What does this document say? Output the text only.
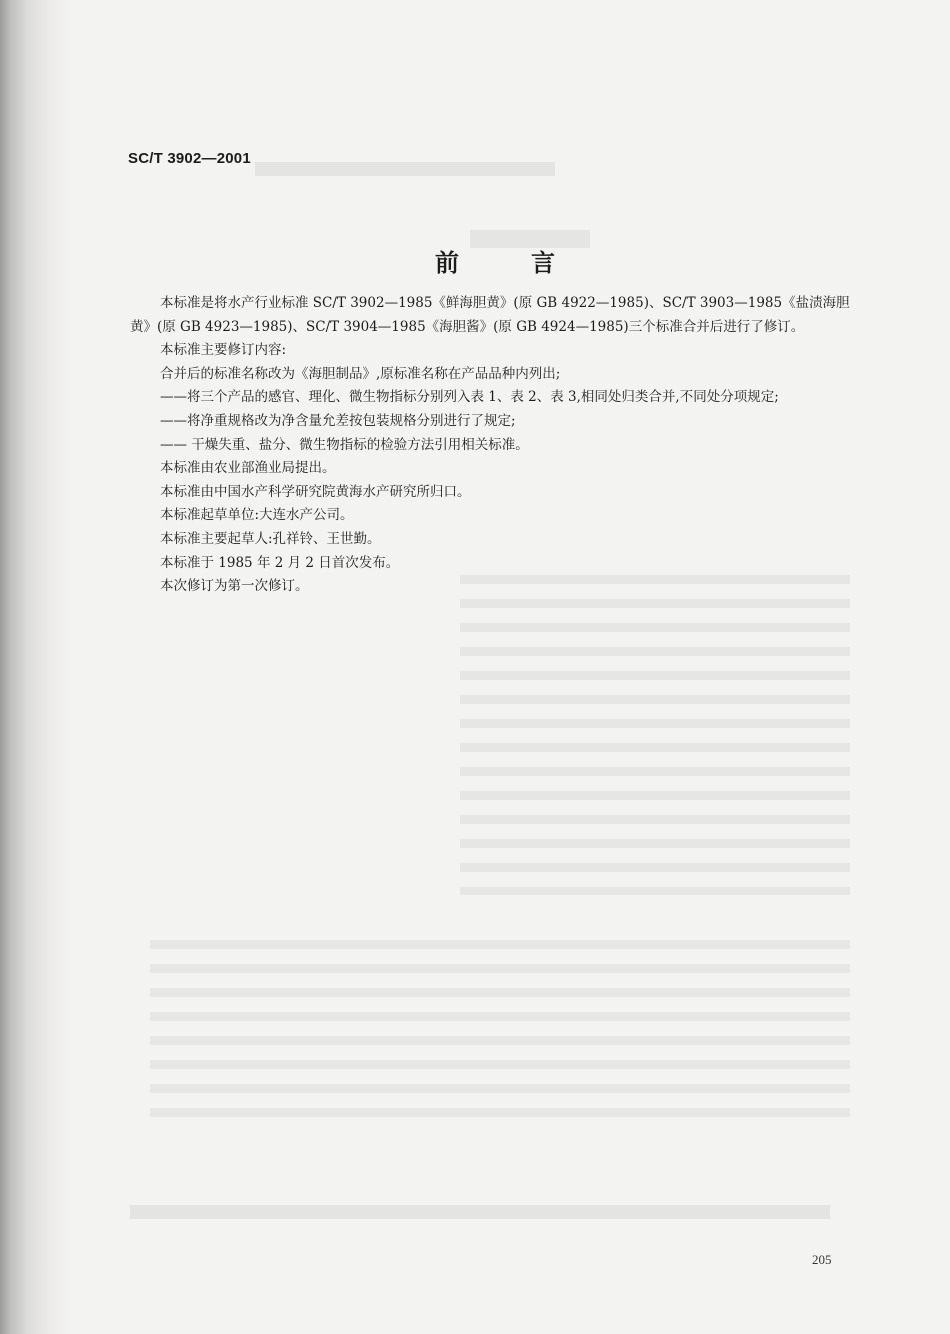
SC/T 3902—2001
前	言

本标准是将水产行业标准 SC/T 3902—1985《鲜海胆黄》(原 GB 4922—1985)、SC/T 3903—1985《盐渍海胆黄》(原 GB 4923—1985)、SC/T 3904—1985《海胆酱》(原 GB 4924—1985)三个标准合并后进行了修订。

本标准主要修订内容:

合并后的标准名称改为《海胆制品》,原标准名称在产品品种内列出;

——将三个产品的感官、理化、微生物指标分别列入表 1、表 2、表 3,相同处归类合并,不同处分项规定;

——将净重规格改为净含量允差按包装规格分别进行了规定;

—— 干燥失重、盐分、微生物指标的检验方法引用相关标准。

本标准由农业部渔业局提出。

本标准由中国水产科学研究院黄海水产研究所归口。

本标准起草单位:大连水产公司。

本标准主要起草人:孔祥铃、王世勤。

本标准于 1985 年 2 月 2 日首次发布。

本次修订为第一次修订。

205
